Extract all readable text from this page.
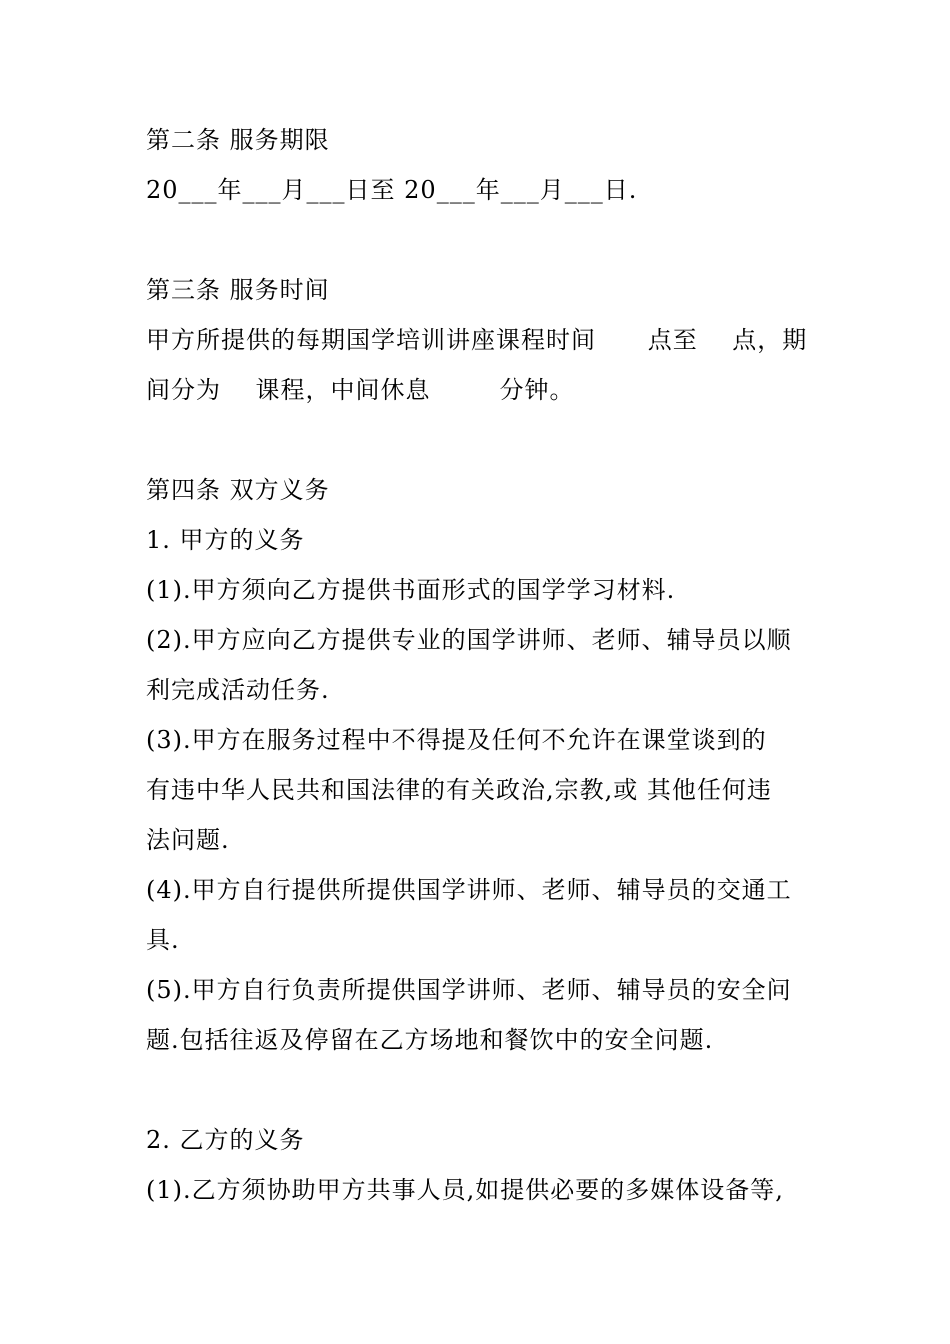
第二条 服务期限
20___年___月___日至 20___年___月___日.
第三条 服务时间
甲方所提供的每期国学培训讲座课程时间      点至    点，期
间分为    课程，中间休息        分钟。
第四条 双方义务
1. 甲方的义务
(1).甲方须向乙方提供书面形式的国学学习材料.
(2).甲方应向乙方提供专业的国学讲师、老师、辅导员以顺
利完成活动任务.
(3).甲方在服务过程中不得提及任何不允许在课堂谈到的
有违中华人民共和国法律的有关政治,宗教,或 其他任何违
法问题.
(4).甲方自行提供所提供国学讲师、老师、辅导员的交通工
具.
(5).甲方自行负责所提供国学讲师、老师、辅导员的安全问
题.包括往返及停留在乙方场地和餐饮中的安全问题.
2. 乙方的义务
(1).乙方须协助甲方共事人员,如提供必要的多媒体设备等,
